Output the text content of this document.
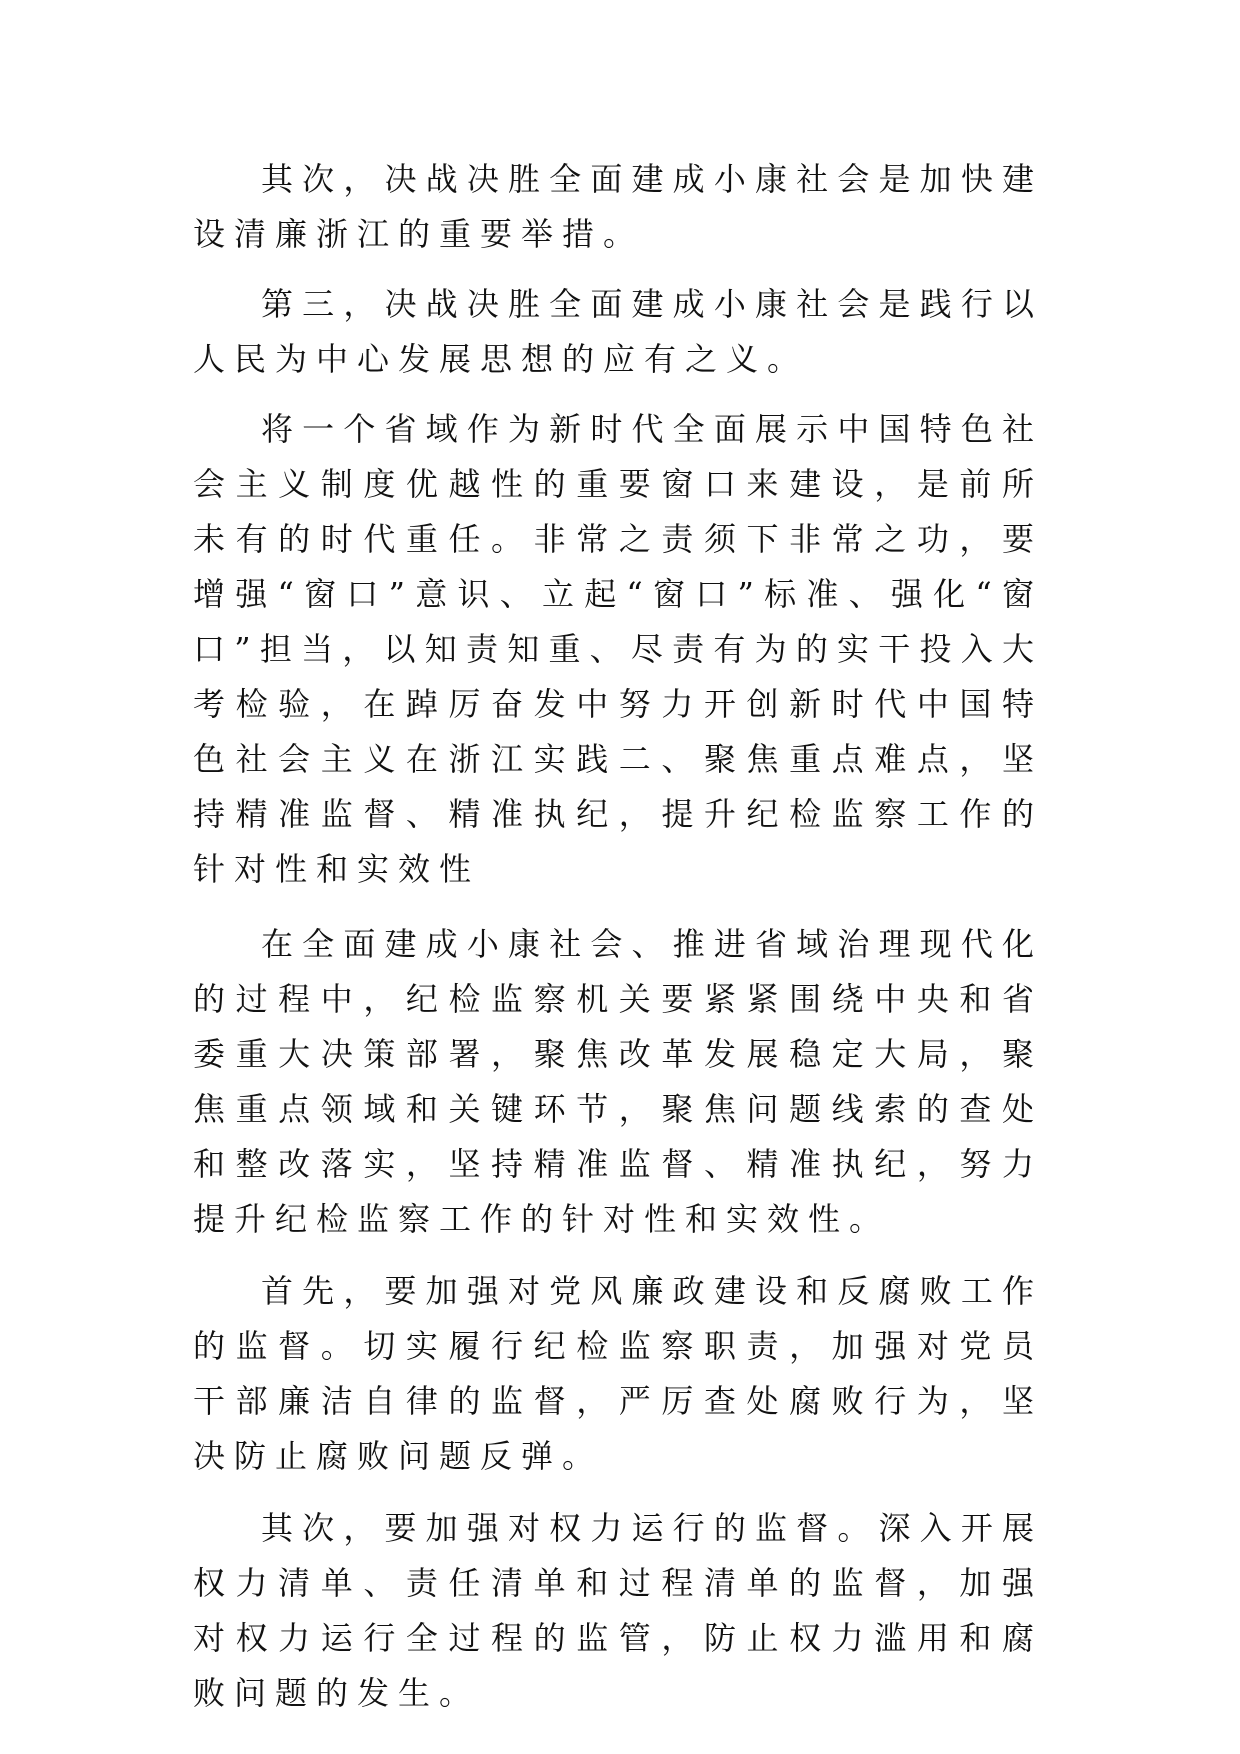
其次，决战决胜全面建成小康社会是加快建设清廉浙江的重要举措。

第三，决战决胜全面建成小康社会是践行以人民为中心发展思想的应有之义。

将一个省域作为新时代全面展示中国特色社会主义制度优越性的重要窗口来建设，是前所未有的时代重任。非常之责须下非常之功，要增强“窗口”意识、立起“窗口”标准、强化“窗口”担当，以知责知重、尽责有为的实干投入大考检验，在踔厉奋发中努力开创新时代中国特色社会主义在浙江实践二、聚焦重点难点，坚持精准监督、精准执纪，提升纪检监察工作的针对性和实效性

在全面建成小康社会、推进省域治理现代化的过程中，纪检监察机关要紧紧围绕中央和省委重大决策部署，聚焦改革发展稳定大局，聚焦重点领域和关键环节，聚焦问题线索的查处和整改落实，坚持精准监督、精准执纪，努力提升纪检监察工作的针对性和实效性。

首先，要加强对党风廉政建设和反腐败工作的监督。切实履行纪检监察职责，加强对党员干部廉洁自律的监督，严厉查处腐败行为，坚决防止腐败问题反弹。

其次，要加强对权力运行的监督。深入开展权力清单、责任清单和过程清单的监督，加强对权力运行全过程的监管，防止权力滥用和腐败问题的发生。
